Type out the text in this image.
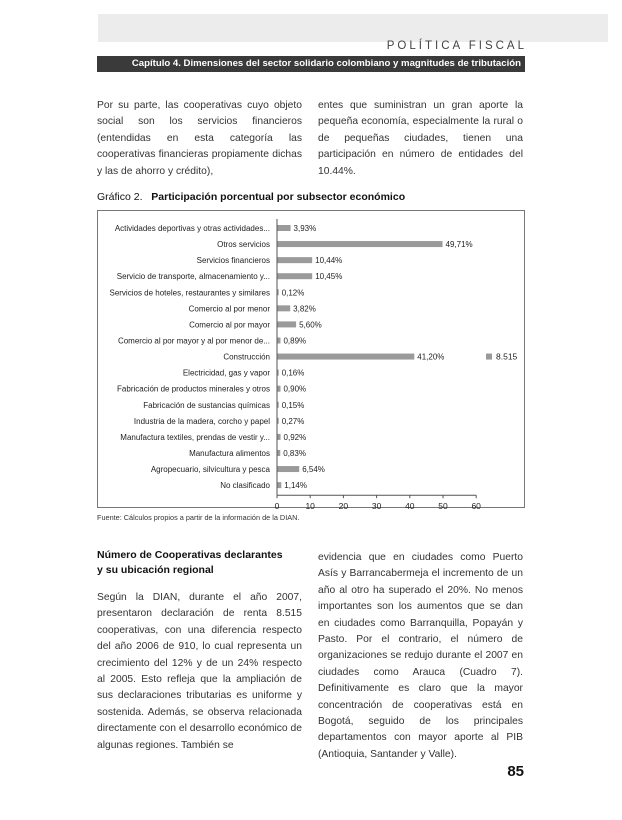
POLÍTICA FISCAL
Capítulo 4. Dimensiones del sector solidario colombiano y magnitudes de tributación

Por su parte, las cooperativas cuyo objeto social son los servicios financieros (entendidas en esta categoría las cooperativas financieras propiamente dichas y las de ahorro y crédito),

entes que suministran un gran aporte la pequeña economía, especialmente la rural o de pequeñas ciudades, tienen una participación en número de entidades del 10.44%.

Gráfico 2. Participación porcentual por subsector económico
Actividades deportivas y otras actividades...	3,93%
Otros servicios	49,71%
Servicios financieros	10,44%
Servicio de transporte, almacenamiento y...	10,45%
Servicios de hoteles, restaurantes y similares 0,12%
Comercio al por menor	3,82%
Comercio al por mayor	5,60%
Comercio al por mayor y al por menor de... 0,89%
Construcción	41,20%
Electricidad, gas y vapor 0,16%
Fabricación de productos minerales y otros 0,90%
Fabricación de sustancias químicas 0,15%
Industria de la madera, corcho y papel 0,27%
Manufactura textiles, prendas de vestir y... 0,92%
Manufactura alimentos 0,83%
Agropecuario, silvicultura y pesca	6,54%
No clasificado 1,14%
0	10	20	30	40	50	60
8.515
Fuente: Cálculos propios a partir de la información de la DIAN.
Número de Cooperativas declarantes
y su ubicación regional

Según la DIAN, durante el año 2007, presentaron declaración de renta 8.515 cooperativas, con una diferencia respecto del año 2006 de 910, lo cual representa un crecimiento del 12% y de un 24% respecto al 2005. Esto refleja que la ampliación de sus declaraciones tributarias es uniforme y sostenida. Además, se observa relacionada directamente con el desarrollo económico de algunas regiones. También se

evidencia que en ciudades como Puerto Asís y Barrancabermeja el incremento de un año al otro ha superado el 20%. No menos importantes son los aumentos que se dan en ciudades como Barranquilla, Popayán y Pasto. Por el contrario, el número de organizaciones se redujo durante el 2007 en ciudades como Arauca (Cuadro 7). Definitivamente es claro que la mayor concentración de cooperativas está en Bogotá, seguido de los principales departamentos con mayor aporte al PIB (Antioquia, Santander y Valle).

85
